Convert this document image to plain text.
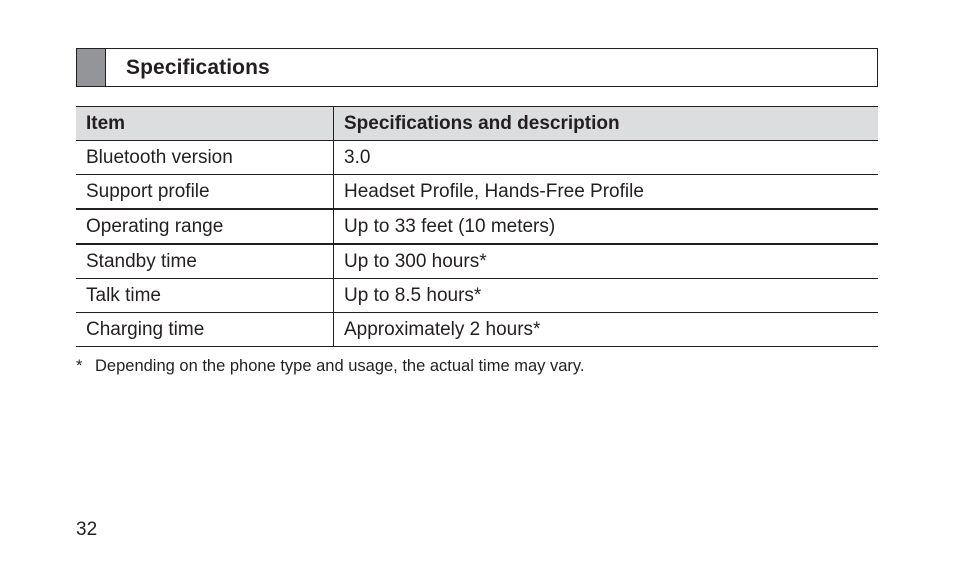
Specifications
Item	Specifications and description
Bluetooth version	3.0
Support profile	Headset Profile, Hands-Free Profile
Operating range	Up to 33 feet (10 meters)
Standby time	Up to 300 hours*
Talk time	Up to 8.5 hours*
Charging time	Approximately 2 hours*
* Depending on the phone type and usage, the actual time may vary.
32
